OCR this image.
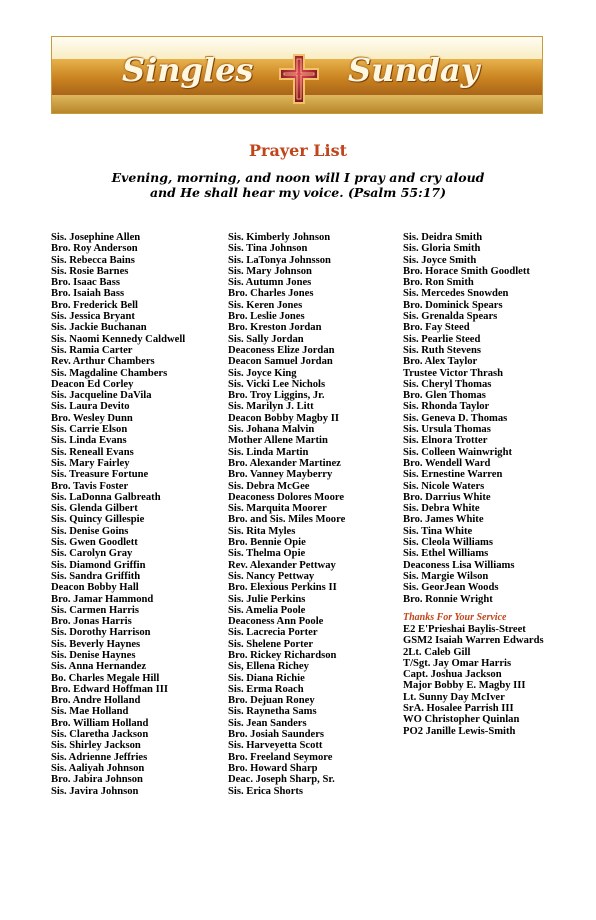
Singles	Sunday
Prayer List
Evening, morning, and noon will I pray and cry aloud
and He shall hear my voice. (Psalm 55:17)
Sis. Josephine Allen
Bro. Roy Anderson
Sis. Rebecca Bains
Sis. Rosie Barnes
Bro. Isaac Bass
Bro. Isaiah Bass
Bro. Frederick Bell
Sis. Jessica Bryant
Sis. Jackie Buchanan
Sis. Naomi Kennedy Caldwell
Sis. Ramia Carter
Rev. Arthur Chambers
Sis. Magdaline Chambers
Deacon Ed Corley
Sis. Jacqueline DaVila
Sis. Laura Devito
Bro. Wesley Dunn
Sis. Carrie Elson
Sis. Linda Evans
Sis. Reneall Evans
Sis. Mary Fairley
Sis. Treasure Fortune
Bro. Tavis Foster
Sis. LaDonna Galbreath
Sis. Glenda Gilbert
Sis. Quincy Gillespie
Sis. Denise Goins
Sis. Gwen Goodlett
Sis. Carolyn Gray
Sis. Diamond Griffin
Sis. Sandra Griffith
Deacon Bobby Hall
Bro. Jamar Hammond
Sis. Carmen Harris
Bro. Jonas Harris
Sis. Dorothy Harrison
Sis. Beverly Haynes
Sis. Denise Haynes
Sis. Anna Hernandez
Bo. Charles Megale Hill
Bro. Edward Hoffman III
Bro. Andre Holland
Sis. Mae Holland
Bro. William Holland
Sis. Claretha Jackson
Sis. Shirley Jackson
Sis. Adrienne Jeffries
Sis. Aaliyah Johnson
Bro. Jabira Johnson
Sis. Javira Johnson
Sis. Kimberly Johnson
Sis. Tina Johnson
Sis. LaTonya Johnsson
Sis. Mary Johnson
Sis. Autumn Jones
Bro. Charles Jones
Sis. Keren Jones
Bro. Leslie Jones
Bro. Kreston Jordan
Sis. Sally Jordan
Deaconess Elize Jordan
Deacon Samuel Jordan
Sis. Joyce King
Sis. Vicki Lee Nichols
Bro. Troy Liggins, Jr.
Sis. Marilyn J. Litt
Deacon Bobby Magby II
Sis. Johana Malvin
Mother Allene Martin
Sis. Linda Martin
Bro. Alexander Martinez
Bro. Vanney Mayberry
Sis. Debra McGee
Deaconess Dolores Moore
Sis. Marquita Moorer
Bro. and Sis. Miles Moore
Sis. Rita Myles
Bro. Bennie Opie
Sis. Thelma Opie
Rev. Alexander Pettway
Sis. Nancy Pettway
Bro. Elexious Perkins II
Sis. Julie Perkins
Sis. Amelia Poole
Deaconess Ann Poole
Sis. Lacrecia Porter
Sis. Shelene Porter
Bro. Rickey Richardson
Sis, Ellena Richey
Sis. Diana Richie
Sis. Erma Roach
Bro. Dejuan Roney
Sis. Raynetha Sams
Sis. Jean Sanders
Bro. Josiah Saunders
Sis. Harveyetta Scott
Bro. Freeland Seymore
Bro. Howard Sharp
Deac. Joseph Sharp, Sr.
Sis. Erica Shorts
Sis. Deidra Smith
Sis. Gloria Smith
Sis. Joyce Smith
Bro. Horace Smith Goodlett
Bro. Ron Smith
Sis. Mercedes Snowden
Bro. Dominick Spears
Sis. Grenalda Spears
Bro. Fay Steed
Sis. Pearlie Steed
Sis. Ruth Stevens
Bro. Alex Taylor
Trustee Victor Thrash
Sis. Cheryl Thomas
Bro. Glen Thomas
Sis. Rhonda Taylor
Sis. Geneva D. Thomas
Sis. Ursula Thomas
Sis. Elnora Trotter
Sis. Colleen Wainwright
Bro. Wendell Ward
Sis. Ernestine Warren
Sis. Nicole Waters
Bro. Darrius White
Sis. Debra White
Bro. James White
Sis. Tina White
Sis. Cleola Williams
Sis. Ethel Williams
Deaconess Lisa Williams
Sis. Margie Wilson
Sis. GeorJean Woods
Bro. Ronnie Wright
Thanks For Your Service
E2 E'Prieshai Baylis-Street
GSM2 Isaiah Warren Edwards
2Lt. Caleb Gill
T/Sgt. Jay Omar Harris
Capt. Joshua Jackson
Major Bobby E. Magby III
Lt. Sunny Day McIver
SrA. Hosalee Parrish III
WO Christopher Quinlan
PO2 Janille Lewis-Smith
